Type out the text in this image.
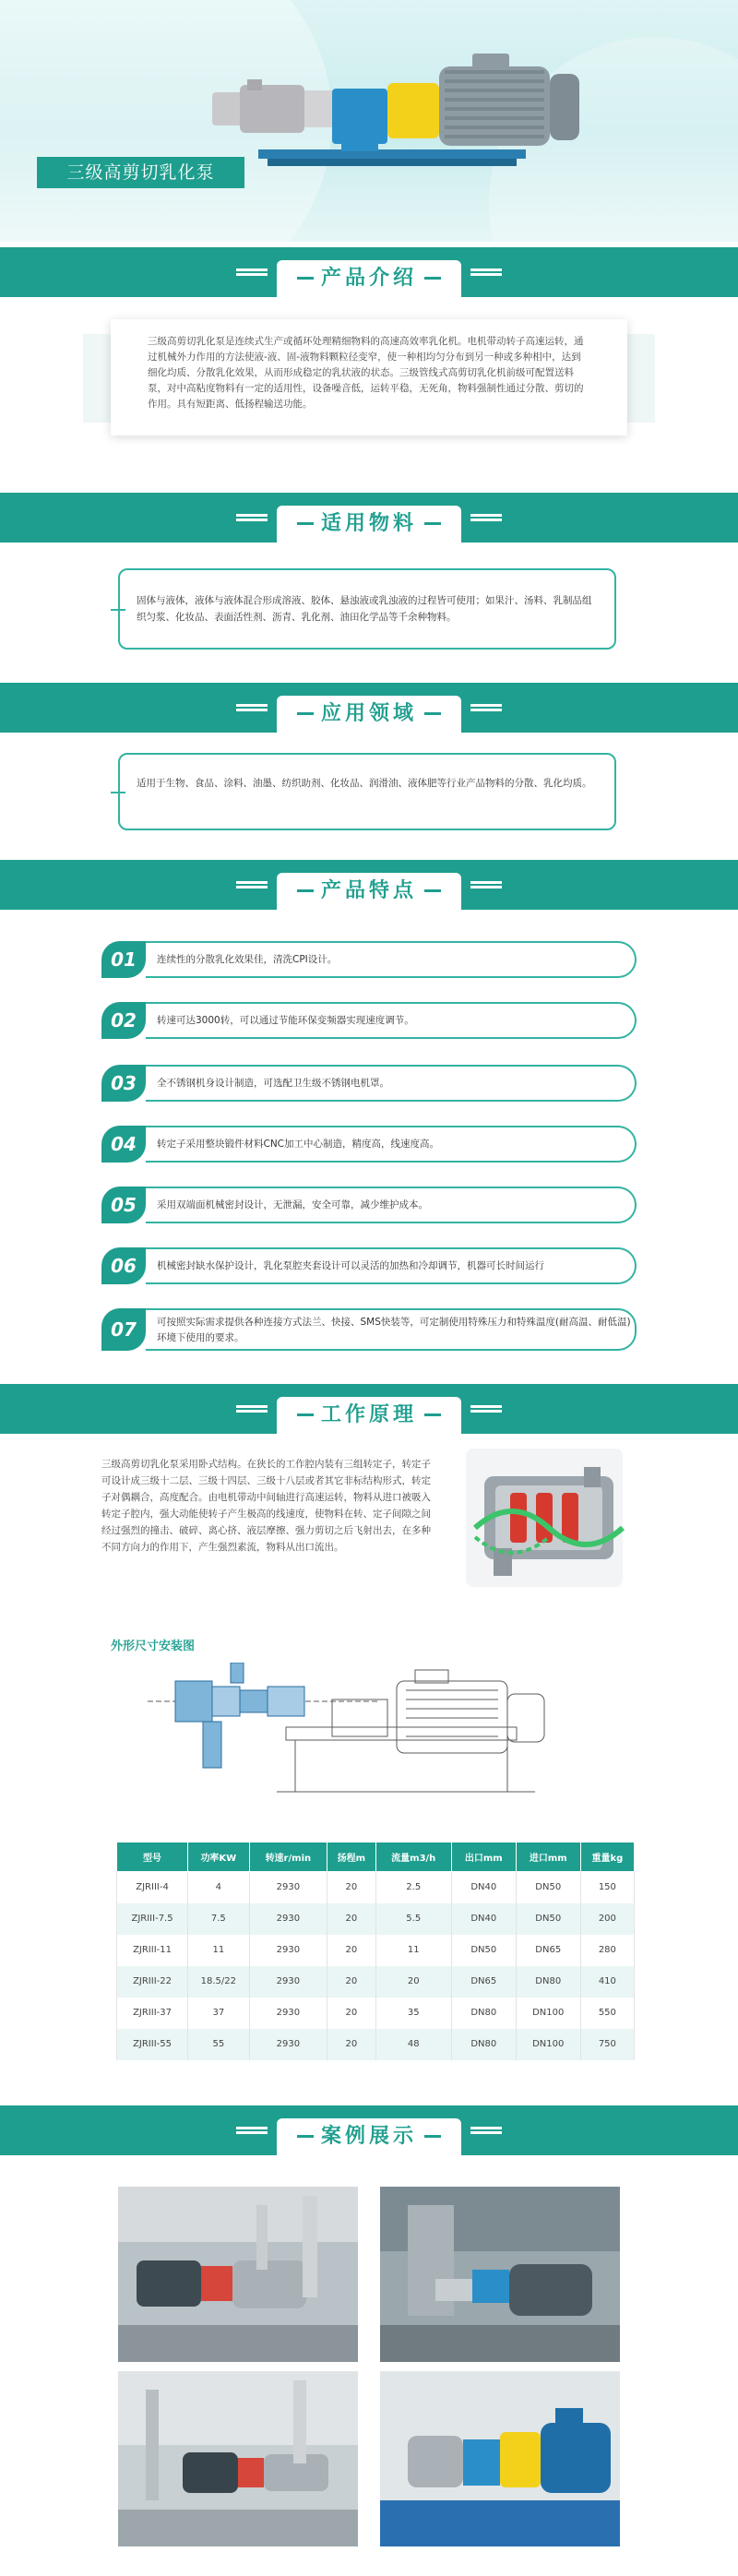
三级高剪切乳化泵
产品介绍
三级高剪切乳化泵是连续式生产或循环处理精细物料的高速高效率乳化机。电机带动转子高速运转，通过机械外力作用的方法使液-液、固-液物料颗粒径变窄，使一种相均匀分布到另一种或多种相中，达到细化均质、分散乳化效果，从而形成稳定的乳状液的状态。三级管线式高剪切乳化机前级可配置送料泵，对中高粘度物料有一定的适用性，设备噪音低，运转平稳，无死角，物料强制性通过分散、剪切的作用。具有短距离、低扬程输送功能。
适用物料
固体与液体，液体与液体混合形成溶液、胶体、悬浊液或乳浊液的过程皆可使用；如果汁、汤料、乳制品组织匀浆、化妆品、表面活性剂、沥青、乳化剂、油田化学品等千余种物料。
应用领域
适用于生物、食品、涂料、油墨、纺织助剂、化妆品、润滑油、液体肥等行业产品物料的分散、乳化均质。
产品特点
01	连续性的分散乳化效果佳，清洗CPI设计。
02	转速可达3000转，可以通过节能环保变频器实现速度调节。
03	全不锈钢机身设计制造，可选配卫生级不锈钢电机罩。
04	转定子采用整块锻件材料CNC加工中心制造，精度高，线速度高。
05	采用双端面机械密封设计，无泄漏，安全可靠，减少维护成本。
06	机械密封缺水保护设计，乳化泵腔夹套设计可以灵活的加热和冷却调节，机器可长时间运行
07	可按照实际需求提供各种连接方式法兰、快接、SMS快装等，可定制使用特殊压力和特殊温度(耐高温、耐低温)环境下使用的要求。
工作原理
三级高剪切乳化泵采用卧式结构。在狭长的工作腔内装有三组转定子，转定子可设计成三级十二层、三级十四层、三级十八层或者其它非标结构形式，转定子对偶耦合，高度配合。由电机带动中间轴进行高速运转，物料从进口被吸入转定子腔内，强大动能使转子产生极高的线速度，使物料在转、定子间隙之间经过强烈的撞击、破碎、离心挤、液层摩擦、强力剪切之后飞射出去，在多种不同方向力的作用下，产生强烈素流，物料从出口流出。
外形尺寸安装图
型号	功率KW	转速r/min	扬程m	流量m3/h	出口mm	进口mm	重量kg
ZJRIII-4	4	2930	20	2.5	DN40	DN50	150
ZJRIII-7.5	7.5	2930	20	5.5	DN40	DN50	200
ZJRIII-11	11	2930	20	11	DN50	DN65	280
ZJRIII-22	18.5/22	2930	20	20	DN65	DN80	410
ZJRIII-37	37	2930	20	35	DN80	DN100	550
ZJRIII-55	55	2930	20	48	DN80	DN100	750
案例展示
